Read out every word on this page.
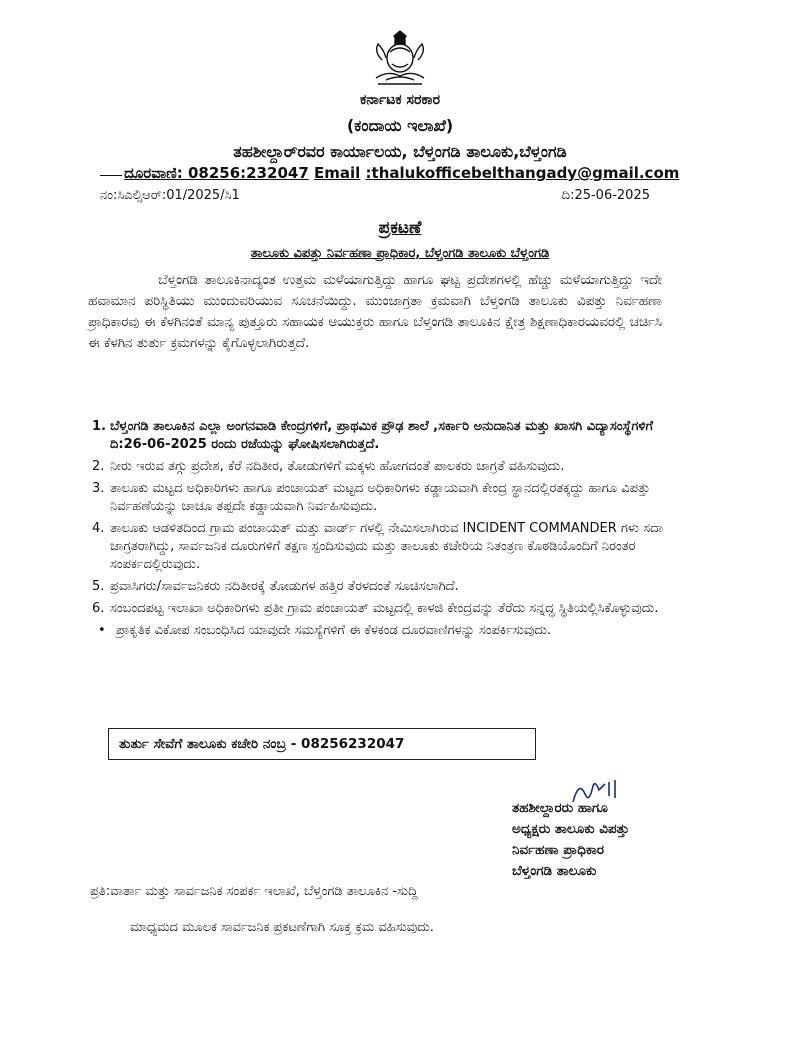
ಕರ್ನಾಟಕ ಸರಕಾರ
(ಕಂದಾಯ ಇಲಾಖೆ)
ತಹಶೀಲ್ದಾರ್‌ರವರ ಕಾರ್ಯಾಲಯ, ಬೆಳ್ತಂಗಡಿ ತಾಲೂಕು,ಬೆಳ್ತಂಗಡಿ
ದೂರವಾಣಿ: 08256:232047 Email :thalukofficebelthangady@gmail.com
ನಂ:ಸಿಎಲ್ಸಿಆರ್:01/2025/ಸಿ1	ದಿ:25-06-2025
ಪ್ರಕಟಣೆ
ತಾಲೂಕು ವಿಪತ್ತು ನಿರ್ವಹಣಾ ಪ್ರಾಧಿಕಾರ, ಬೆಳ್ತಂಗಡಿ ತಾಲೂಕು ಬೆಳ್ತಂಗಡಿ
ಬೆಳ್ತಂಗಡಿ ತಾಲೂಕಿನಾದ್ಯಂತ ಉತ್ತಮ ಮಳೆಯಾಗುತ್ತಿದ್ದು ಹಾಗೂ ಘಟ್ಟ ಪ್ರದೇಶಗಳಲ್ಲಿ ಹೆಚ್ಚು ಮಳೆಯಾಗುತ್ತಿದ್ದು ಇದೇ ಹವಾಮಾನ ಪರಿಸ್ಥಿತಿಯು ಮುಂದುವರಿಯುವ ಸೂಚನೆಯಿದ್ದು. ಮುಂಜಾಗ್ರತಾ ಕ್ರಮವಾಗಿ ಬೆಳ್ತಂಗಡಿ ತಾಲೂಕು ವಿಪತ್ತು ನಿರ್ವಹಣಾ ಪ್ರಾಧಿಕಾರವು ಈ ಕೆಳಗಿನಂತೆ ಮಾನ್ಯ ಪುತ್ತೂರು ಸಹಾಯಕ ಆಯುಕ್ತರು ಹಾಗೂ ಬೆಳ್ತಂಗಡಿ ತಾಲೂಕಿನ ಕ್ಷೇತ್ರ ಶಿಕ್ಷಣಾಧಿಕಾರಯವರಲ್ಲಿ ಚರ್ಚಿಸಿ ಈ ಕೆಳಗಿನ ತುರ್ತು ಕ್ರಮಗಳನ್ನು ಕೈಗೊಳ್ಳಲಾಗಿರುತ್ತದೆ.
1. ಬೆಳ್ತಂಗಡಿ ತಾಲೂಕಿನ ಎಲ್ಲಾ ಅಂಗನವಾಡಿ ಕೇಂದ್ರಗಳಿಗೆ, ಪ್ರಾಥಮಿಕ ಪ್ರೌಢ ಶಾಲೆ ,ಸರ್ಕಾರಿ ಅನುದಾನಿತ ಮತ್ತು ಖಾಸಗಿ ವಿದ್ಯಾಸಂಸ್ಥೆಗಳಿಗೆ ದಿ:26-06-2025 ರಂದು ರಜೆಯನ್ನು ಘೋಷಿಸಲಾಗಿರುತ್ತದೆ.
2. ನೀರು ಇರುವ ತಗ್ಗು ಪ್ರದೇಶ, ಕೆರೆ ನದಿತೀರ, ತೋಡುಗಳಿಗೆ ಮಕ್ಕಳು ಹೋಗದಂತೆ ಪಾಲಕರು ಜಾಗ್ರತೆ ವಹಿಸುವುದು.
3. ತಾಲೂಕು ಮಟ್ಟದ ಅಧಿಕಾರಿಗಳು ಹಾಗೂ ಪಂಚಾಯತ್ ಮಟ್ಟದ ಅಧಿಕಾರಿಗಳು ಕಡ್ಡಾಯವಾಗಿ ಕೇಂದ್ರ ಸ್ಥಾನದಲ್ಲಿರತಕ್ಕದ್ದು ಹಾಗೂ ವಿಪತ್ತು ನಿರ್ವಹಣೆಯನ್ನು ಚಾಚೂ ತಪ್ಪದೇ ಕಡ್ಡಾಯವಾಗಿ ನಿರ್ವಹಿಸುವುದು.
4. ತಾಲೂಕು ಆಡಳಿತದಿಂದ ಗ್ರಾಮ ಪಂಚಾಯತ್ ಮತ್ತು ವಾರ್ಡ್ ಗಳಲ್ಲಿ ನೇಮಿಸಲಾಗಿರುವ INCIDENT COMMANDER ಗಳು ಸದಾ ಜಾಗ್ರತರಾಗಿದ್ದು, ಸಾರ್ವಜನಿಕ ದೂರುಗಳಿಗೆ ತಕ್ಷಣ ಸ್ಪಂದಿಸುವುದು ಮತ್ತು ತಾಲೂಕು ಕಚೇರಿಯ ನಿತಂತ್ರಣ ಕೊಠಡಿಯೊಂದಿಗೆ ನಿರಂತರ ಸಂಪರ್ಕದಲ್ಲಿರುವುದು.
5. ಪ್ರವಾಸಿಗರು/ಸಾರ್ವಜನಿಕರು ನದಿತೀರಕ್ಕೆ ತೋಡುಗಳ ಹತ್ತಿರ ತೆರಳದಂತೆ ಸೂಚಿಸಲಾಗಿದೆ.
6. ಸಂಬಂದಪಟ್ಟ ಇಲಾಖಾ ಅಧಿಕಾರಿಗಳು ಪ್ರತೀ ಗ್ರಾಮ ಪಂಚಾಯತ್ ಮಟ್ಟದಲ್ಲಿ ಕಾಳಜಿ ಕೇಂದ್ರವನ್ನು ತೆರೆದು ಸನ್ನದ್ಧ ಸ್ಥಿತಿಯಲ್ಲಿಸಿಕೊಳ್ಳುವುದು.
• ಪ್ರಾಕೃತಿಕ ವಿಕೋಪ ಸಂಬಂಧಿಸಿದ ಯಾವುದೇ ಸಮಸ್ಯೆಗಳಿಗೆ ಈ ಕೆಳಕಂಡ ದೂರವಾಣಿಗಳನ್ನು ಸಂಪರ್ಕಿಸುವುದು.
ತುರ್ತು ಸೇವೆಗೆ ತಾಲೂಕು ಕಚೇರಿ ನಂಬ್ರ - 08256232047
ತಹಶೀಲ್ದಾರರು ಹಾಗೂ
ಅಧ್ಯಕ್ಷರು ತಾಲೂಕು ವಿಪತ್ತು
ನಿರ್ವಹಣಾ ಪ್ರಾಧಿಕಾರ
ಬೆಳ್ತಂಗಡಿ ತಾಲೂಕು
ಪ್ರತಿ:ವಾರ್ತಾ ಮತ್ತು ಸಾರ್ವಜನಿಕ ಸಂಪರ್ಕ ಇಲಾಖೆ, ಬೆಳ್ತಂಗಡಿ ತಾಲೂಕಿನ -ಸುದ್ದಿ
ಮಾಧ್ಯಮದ ಮೂಲಕ ಸಾರ್ವಜನಿಕ ಪ್ರಕಟಣೆಗಾಗಿ ಸೂಕ್ತ ಕ್ರಮ ವಹಿಸುವುದು.
